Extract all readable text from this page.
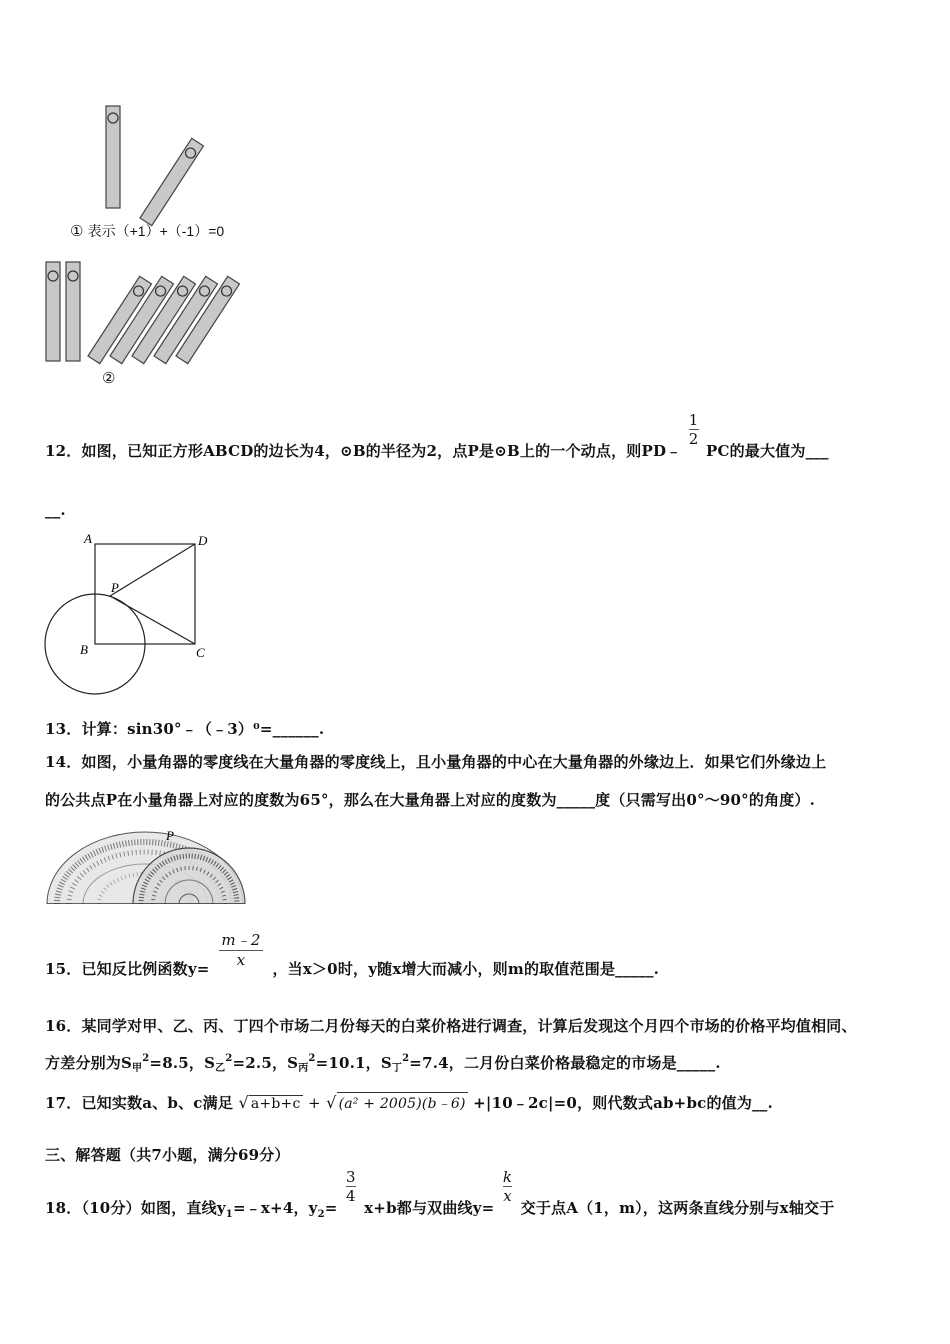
① 表示（+1）+（-1）=0
②
12．如图，已知正方形ABCD的边长为4，⊙B的半径为2，点P是⊙B上的一个动点，则PD﹣
$\frac{1}{2}$
PC的最大值为___
__.
A	D
P
B	C
13．计算：sin30°﹣（﹣3）⁰=______.
14．如图，小量角器的零度线在大量角器的零度线上，且小量角器的中心在大量角器的外缘边上．如果它们外缘边上
的公共点P在小量角器上对应的度数为65°，那么在大量角器上对应的度数为_____度（只需写出0°～90°的角度）.
P
15．已知反比例函数$y= \frac{m﹣2}{x}$ ，当x＞0时，y随x增大而减小，则m的取值范围是_____.
16．某同学对甲、乙、丙、丁四个市场二月份每天的白菜价格进行调查，计算后发现这个月四个市场的价格平均值相同、
方差分别为$S_甲^2=8.5$，$S_乙^2=2.5$，$S_丙^2=10.1$，$S_丁^2=7.4$，二月份白菜价格最稳定的市场是_____.
17．已知实数a、b、c满足 √ a+b+c + √ (a² + 2005)(b﹣6) +|10﹣2c|=0，则代数式ab+bc的值为__.
三、解答题（共7小题，满分69分）
18．（10分）如图，直线$y_1=﹣x+4$，$y_2=$
$\frac{3}{4}$
x+b都与双曲线y=
$\frac{k}{x}$
交于点A（1，m），这两条直线分别与x轴交于
